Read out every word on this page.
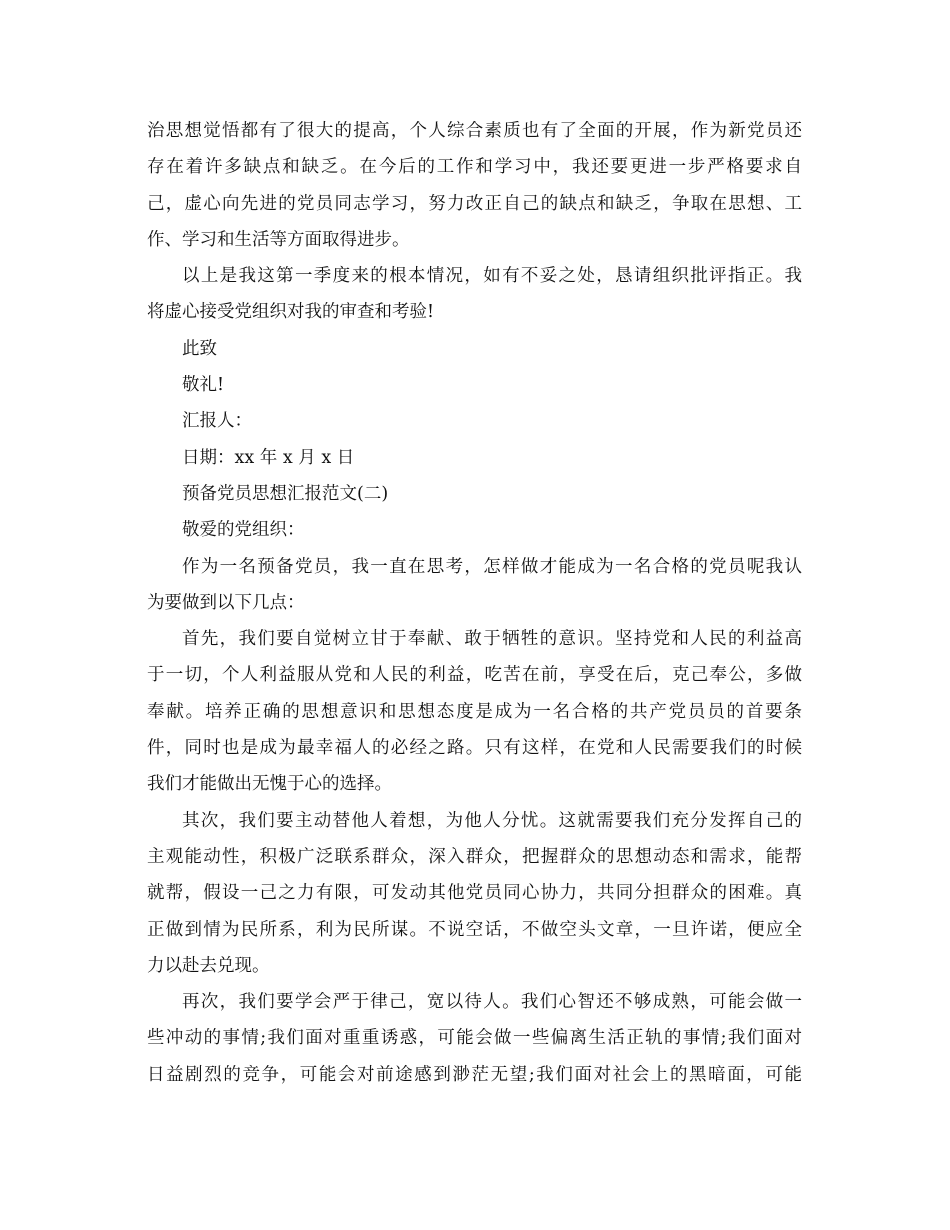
治思想觉悟都有了很大的提高，个人综合素质也有了全面的开展，作为新党员还
存在着许多缺点和缺乏。在今后的工作和学习中，我还要更进一步严格要求自
己，虚心向先进的党员同志学习，努力改正自己的缺点和缺乏，争取在思想、工
作、学习和生活等方面取得进步。
以上是我这第一季度来的根本情况，如有不妥之处，恳请组织批评指正。我
将虚心接受党组织对我的审查和考验!
此致
敬礼!
汇报人：
日期：xx 年 x 月 x 日
预备党员思想汇报范文(二)
敬爱的党组织：
作为一名预备党员，我一直在思考，怎样做才能成为一名合格的党员呢我认
为要做到以下几点：
首先，我们要自觉树立甘于奉献、敢于牺牲的意识。坚持党和人民的利益高
于一切，个人利益服从党和人民的利益，吃苦在前，享受在后，克己奉公，多做
奉献。培养正确的思想意识和思想态度是成为一名合格的共产党员员的首要条
件，同时也是成为最幸福人的必经之路。只有这样，在党和人民需要我们的时候
我们才能做出无愧于心的选择。
其次，我们要主动替他人着想，为他人分忧。这就需要我们充分发挥自己的
主观能动性，积极广泛联系群众，深入群众，把握群众的思想动态和需求，能帮
就帮，假设一己之力有限，可发动其他党员同心协力，共同分担群众的困难。真
正做到情为民所系，利为民所谋。不说空话，不做空头文章，一旦许诺，便应全
力以赴去兑现。
再次，我们要学会严于律己，宽以待人。我们心智还不够成熟，可能会做一
些冲动的事情;我们面对重重诱惑，可能会做一些偏离生活正轨的事情;我们面对
日益剧烈的竞争，可能会对前途感到渺茫无望;我们面对社会上的黑暗面，可能
